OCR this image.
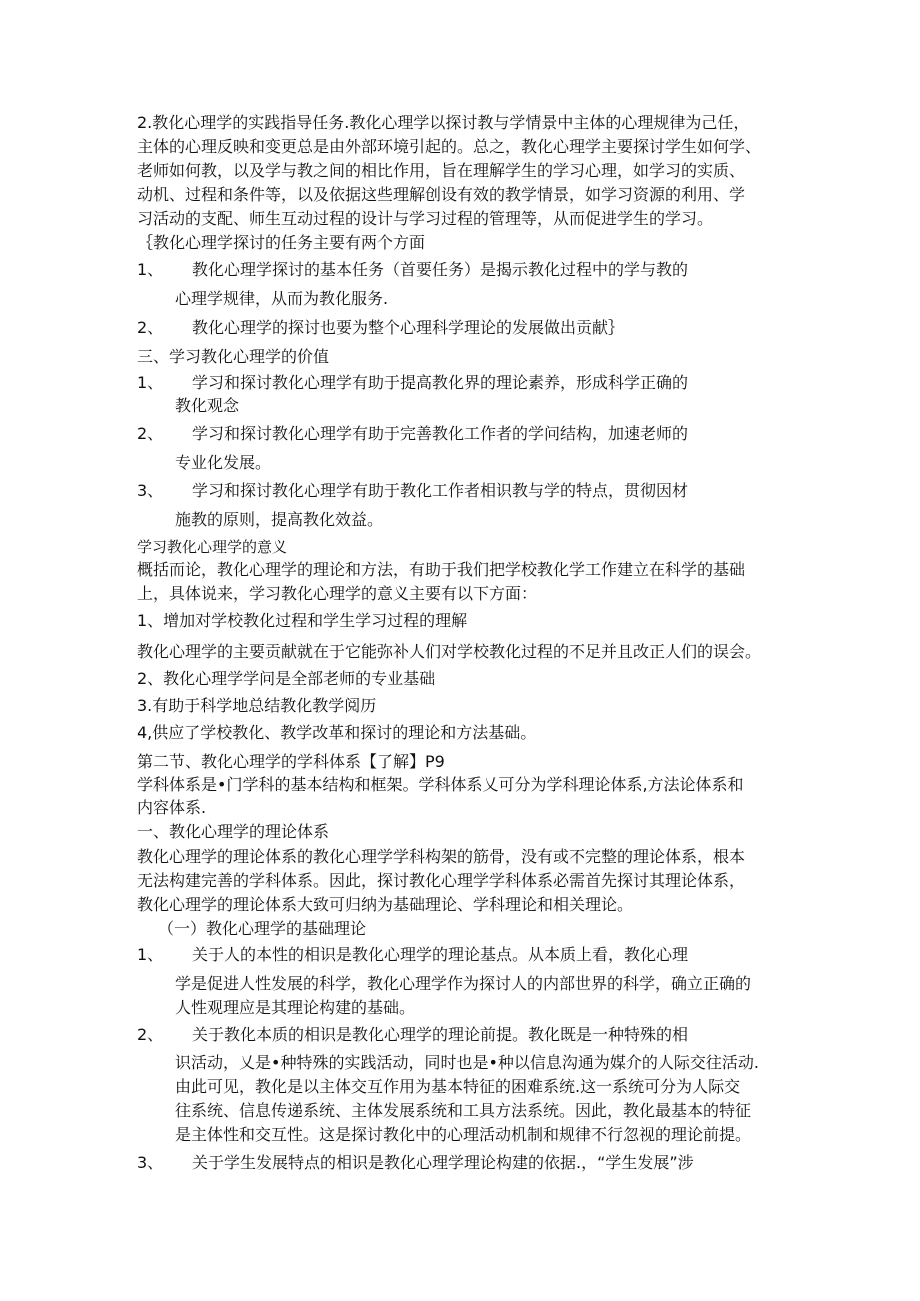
2.教化心理学的实践指导任务.教化心理学以探讨教与学情景中主体的心理规律为己任，
主体的心理反映和变更总是由外部环境引起的。总之，教化心理学主要探讨学生如何学、
老师如何教，以及学与教之间的相比作用，旨在理解学生的学习心理，如学习的实质、
动机、过程和条件等，以及依据这些理解创设有效的教学情景，如学习资源的利用、学
习活动的支配、师生互动过程的设计与学习过程的管理等，从而促进学生的学习。
｛教化心理学探讨的任务主要有两个方面
1、 教化心理学探讨的基本任务（首要任务）是揭示教化过程中的学与教的
心理学规律，从而为教化服务.
2、 教化心理学的探讨也要为整个心理科学理论的发展做出贡献｝
三、学习教化心理学的价值
1、 学习和探讨教化心理学有助于提高教化界的理论素养，形成科学正确的
教化观念
2、 学习和探讨教化心理学有助于完善教化工作者的学问结构，加速老师的
专业化发展。
3、 学习和探讨教化心理学有助于教化工作者相识教与学的特点，贯彻因材
施教的原则，提高教化效益。
学习教化心理学的意义
概括而论，教化心理学的理论和方法，有助于我们把学校教化学工作建立在科学的基础
上，具体说来，学习教化心理学的意义主要有以下方面：
1、增加对学校教化过程和学生学习过程的理解
教化心理学的主要贡献就在于它能弥补人们对学校教化过程的不足并且改正人们的误会。
2、教化心理学学问是全部老师的专业基础
3.有助于科学地总结教化教学阅历
4,供应了学校教化、教学改革和探讨的理论和方法基础。
第二节、教化心理学的学科体系【了解】P9
学科体系是•门学科的基本结构和框架。学科体系乂可分为学科理论体系,方法论体系和
内容体系.
一、教化心理学的理论体系
教化心理学的理论体系的教化心理学学科构架的筋骨，没有或不完整的理论体系，根本
无法构建完善的学科体系。因此，探讨教化心理学学科体系必需首先探讨其理论体系，
教化心理学的理论体系大致可归纳为基础理论、学科理论和相关理论。
（一）教化心理学的基础理论
1、 关于人的本性的相识是教化心理学的理论基点。从本质上看，教化心理
学是促进人性发展的科学，教化心理学作为探讨人的内部世界的科学，确立正确的
人性观理应是其理论构建的基础。
2、 关于教化本质的相识是教化心理学的理论前提。教化既是一种特殊的相
识活动，乂是•种特殊的实践活动，同时也是•种以信息沟通为媒介的人际交往活动.
由此可见，教化是以主体交互作用为基本特征的困难系统.这一系统可分为人际交
往系统、信息传递系统、主体发展系统和工具方法系统。因此，教化最基本的特征
是主体性和交互性。这是探讨教化中的心理活动机制和规律不行忽视的理论前提。
3、 关于学生发展特点的相识是教化心理学理论构建的依据.，“学生发展”涉
